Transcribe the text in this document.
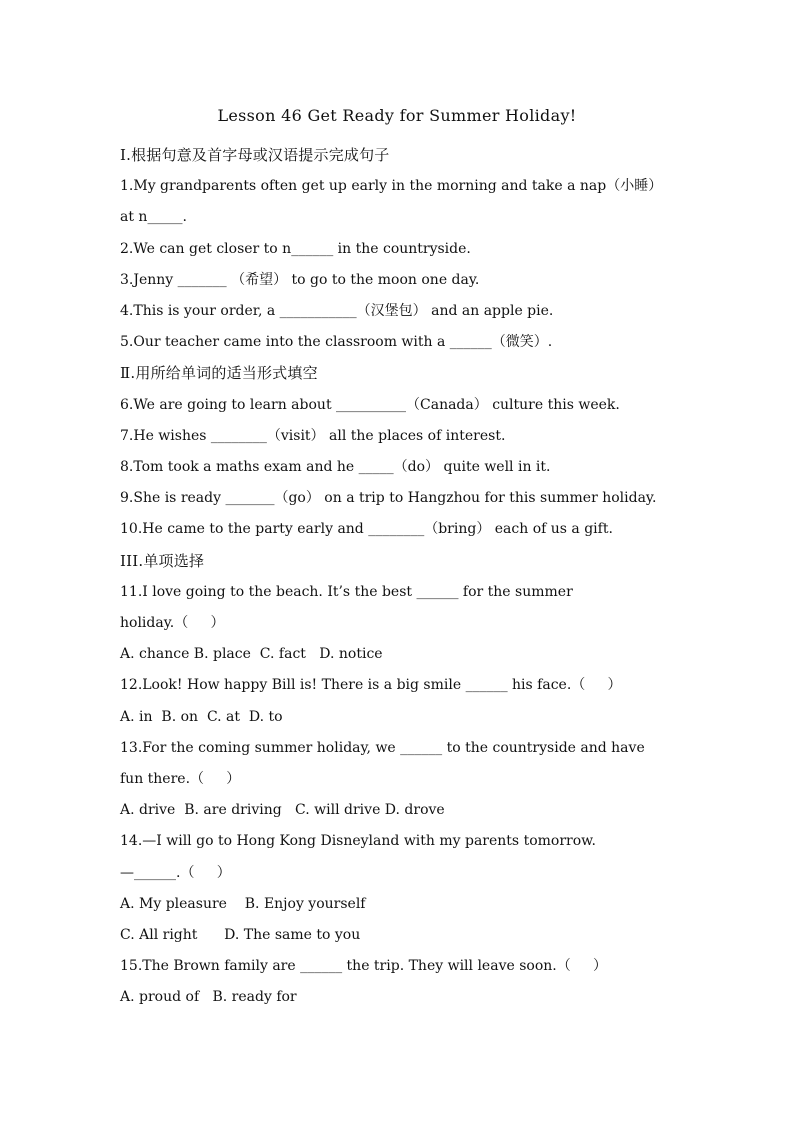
Lesson 46 Get Ready for Summer Holiday!
Ⅰ.根据句意及首字母或汉语提示完成句子
1.My grandparents often get up early in the morning and take a nap（小睡）
at n_____.
2.We can get closer to n______ in the countryside.
3.Jenny _______ （希望） to go to the moon one day.
4.This is your order, a ___________（汉堡包） and an apple pie.
5.Our teacher came into the classroom with a ______（微笑）.
Ⅱ.用所给单词的适当形式填空
6.We are going to learn about __________（Canada） culture this week.
7.He wishes ________（visit） all the places of interest.
8.Tom took a maths exam and he _____（do） quite well in it.
9.She is ready _______（go） on a trip to Hangzhou for this summer holiday.
10.He came to the party early and ________（bring） each of us a gift.
III.单项选择
11.I love going to the beach. It’s the best ______ for the summer
holiday.（     ）
A. chance B. place  C. fact   D. notice
12.Look! How happy Bill is! There is a big smile ______ his face.（     ）
A. in  B. on  C. at  D. to
13.For the coming summer holiday, we ______ to the countryside and have
fun there.（     ）
A. drive  B. are driving   C. will drive D. drove
14.—I will go to Hong Kong Disneyland with my parents tomorrow.
—______.（     ）
A. My pleasure    B. Enjoy yourself
C. All right      D. The same to you
15.The Brown family are ______ the trip. They will leave soon.（     ）
A. proud of   B. ready for
